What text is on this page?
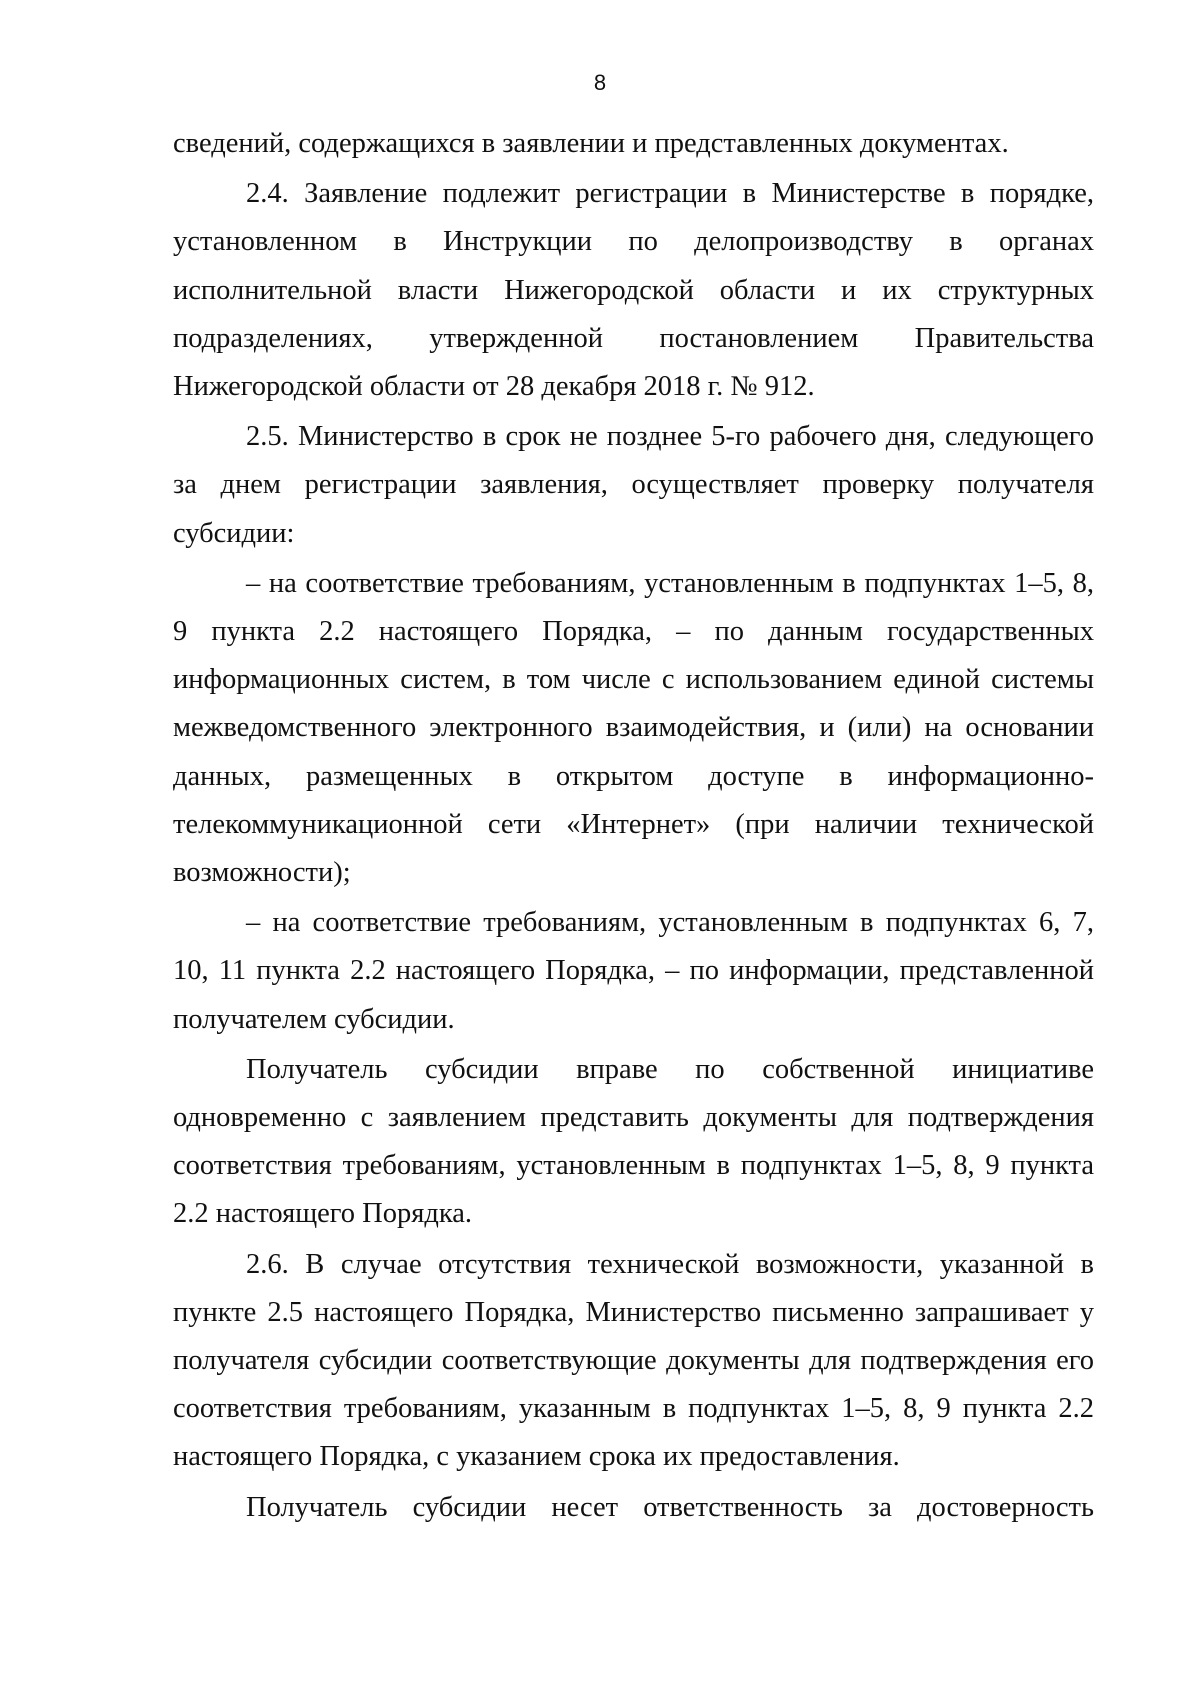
8

сведений, содержащихся в заявлении и представленных документах.

2.4. Заявление подлежит регистрации в Министерстве в порядке, установленном в Инструкции по делопроизводству в органах исполнительной власти Нижегородской области и их структурных подразделениях, утвержденной постановлением Правительства Нижегородской области от 28 декабря 2018 г. № 912.

2.5. Министерство в срок не позднее 5-го рабочего дня, следующего за днем регистрации заявления, осуществляет проверку получателя субсидии:

– на соответствие требованиям, установленным в подпунктах 1–5, 8, 9 пункта 2.2 настоящего Порядка, – по данным государственных информационных систем, в том числе с использованием единой системы межведомственного электронного взаимодействия, и (или) на основании данных, размещенных в открытом доступе в информационно-телекоммуникационной сети «Интернет» (при наличии технической возможности);

– на соответствие требованиям, установленным в подпунктах 6, 7, 10, 11 пункта 2.2 настоящего Порядка, – по информации, представленной получателем субсидии.

Получатель субсидии вправе по собственной инициативе одновременно с заявлением представить документы для подтверждения соответствия требованиям, установленным в подпунктах 1–5, 8, 9 пункта 2.2 настоящего Порядка.

2.6. В случае отсутствия технической возможности, указанной в пункте 2.5 настоящего Порядка, Министерство письменно запрашивает у получателя субсидии соответствующие документы для подтверждения его соответствия требованиям, указанным в подпунктах 1–5, 8, 9 пункта 2.2 настоящего Порядка, с указанием срока их предоставления.

Получатель субсидии несет ответственность за достоверность
